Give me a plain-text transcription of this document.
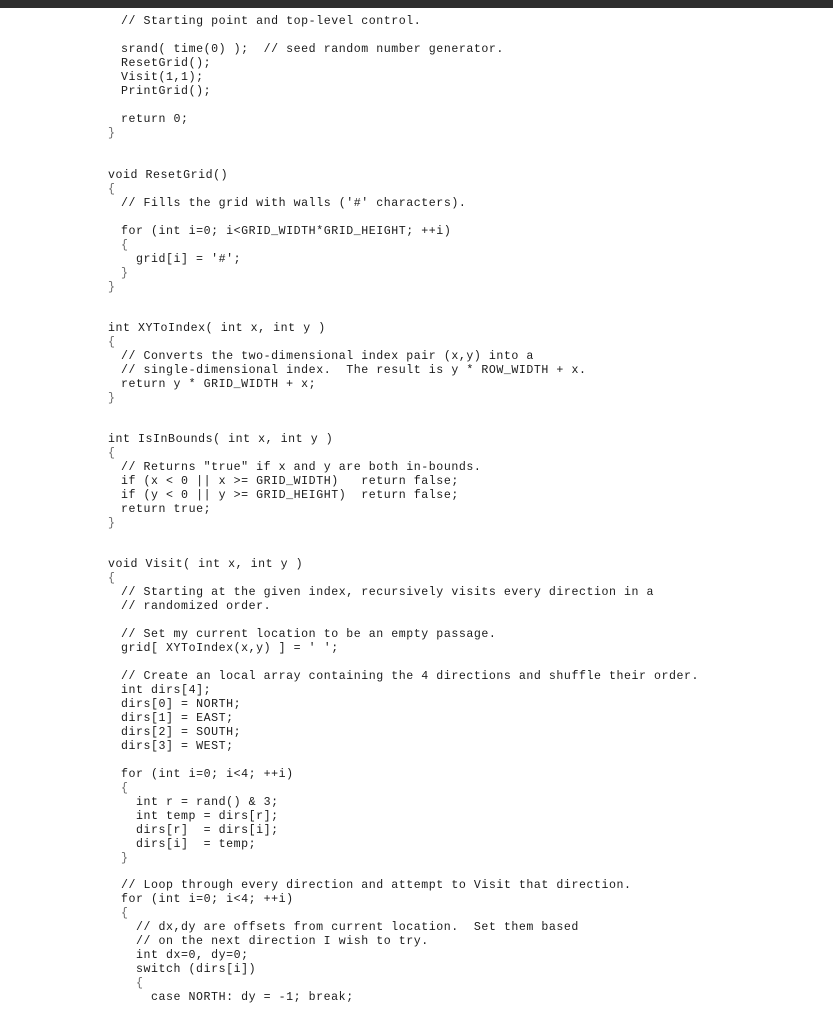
// Starting point and top-level control.
srand( time(0) );  // seed random number generator.
ResetGrid();
Visit(1,1);
PrintGrid();
return 0;
}
void ResetGrid()
{
// Fills the grid with walls ('#' characters).
for (int i=0; i<GRID_WIDTH*GRID_HEIGHT; ++i)
{
grid[i] = '#';
}
}
int XYToIndex( int x, int y )
{
// Converts the two-dimensional index pair (x,y) into a
// single-dimensional index.  The result is y * ROW_WIDTH + x.
return y * GRID_WIDTH + x;
}
int IsInBounds( int x, int y )
{
// Returns "true" if x and y are both in-bounds.
if (x < 0 || x >= GRID_WIDTH)   return false;
if (y < 0 || y >= GRID_HEIGHT)  return false;
return true;
}
void Visit( int x, int y )
{
// Starting at the given index, recursively visits every direction in a
// randomized order.
// Set my current location to be an empty passage.
grid[ XYToIndex(x,y) ] = ' ';
// Create an local array containing the 4 directions and shuffle their order.
int dirs[4];
dirs[0] = NORTH;
dirs[1] = EAST;
dirs[2] = SOUTH;
dirs[3] = WEST;
for (int i=0; i<4; ++i)
{
int r = rand() & 3;
int temp = dirs[r];
dirs[r]  = dirs[i];
dirs[i]  = temp;
}
// Loop through every direction and attempt to Visit that direction.
for (int i=0; i<4; ++i)
{
// dx,dy are offsets from current location.  Set them based
// on the next direction I wish to try.
int dx=0, dy=0;
switch (dirs[i])
{
case NORTH: dy = -1; break;
